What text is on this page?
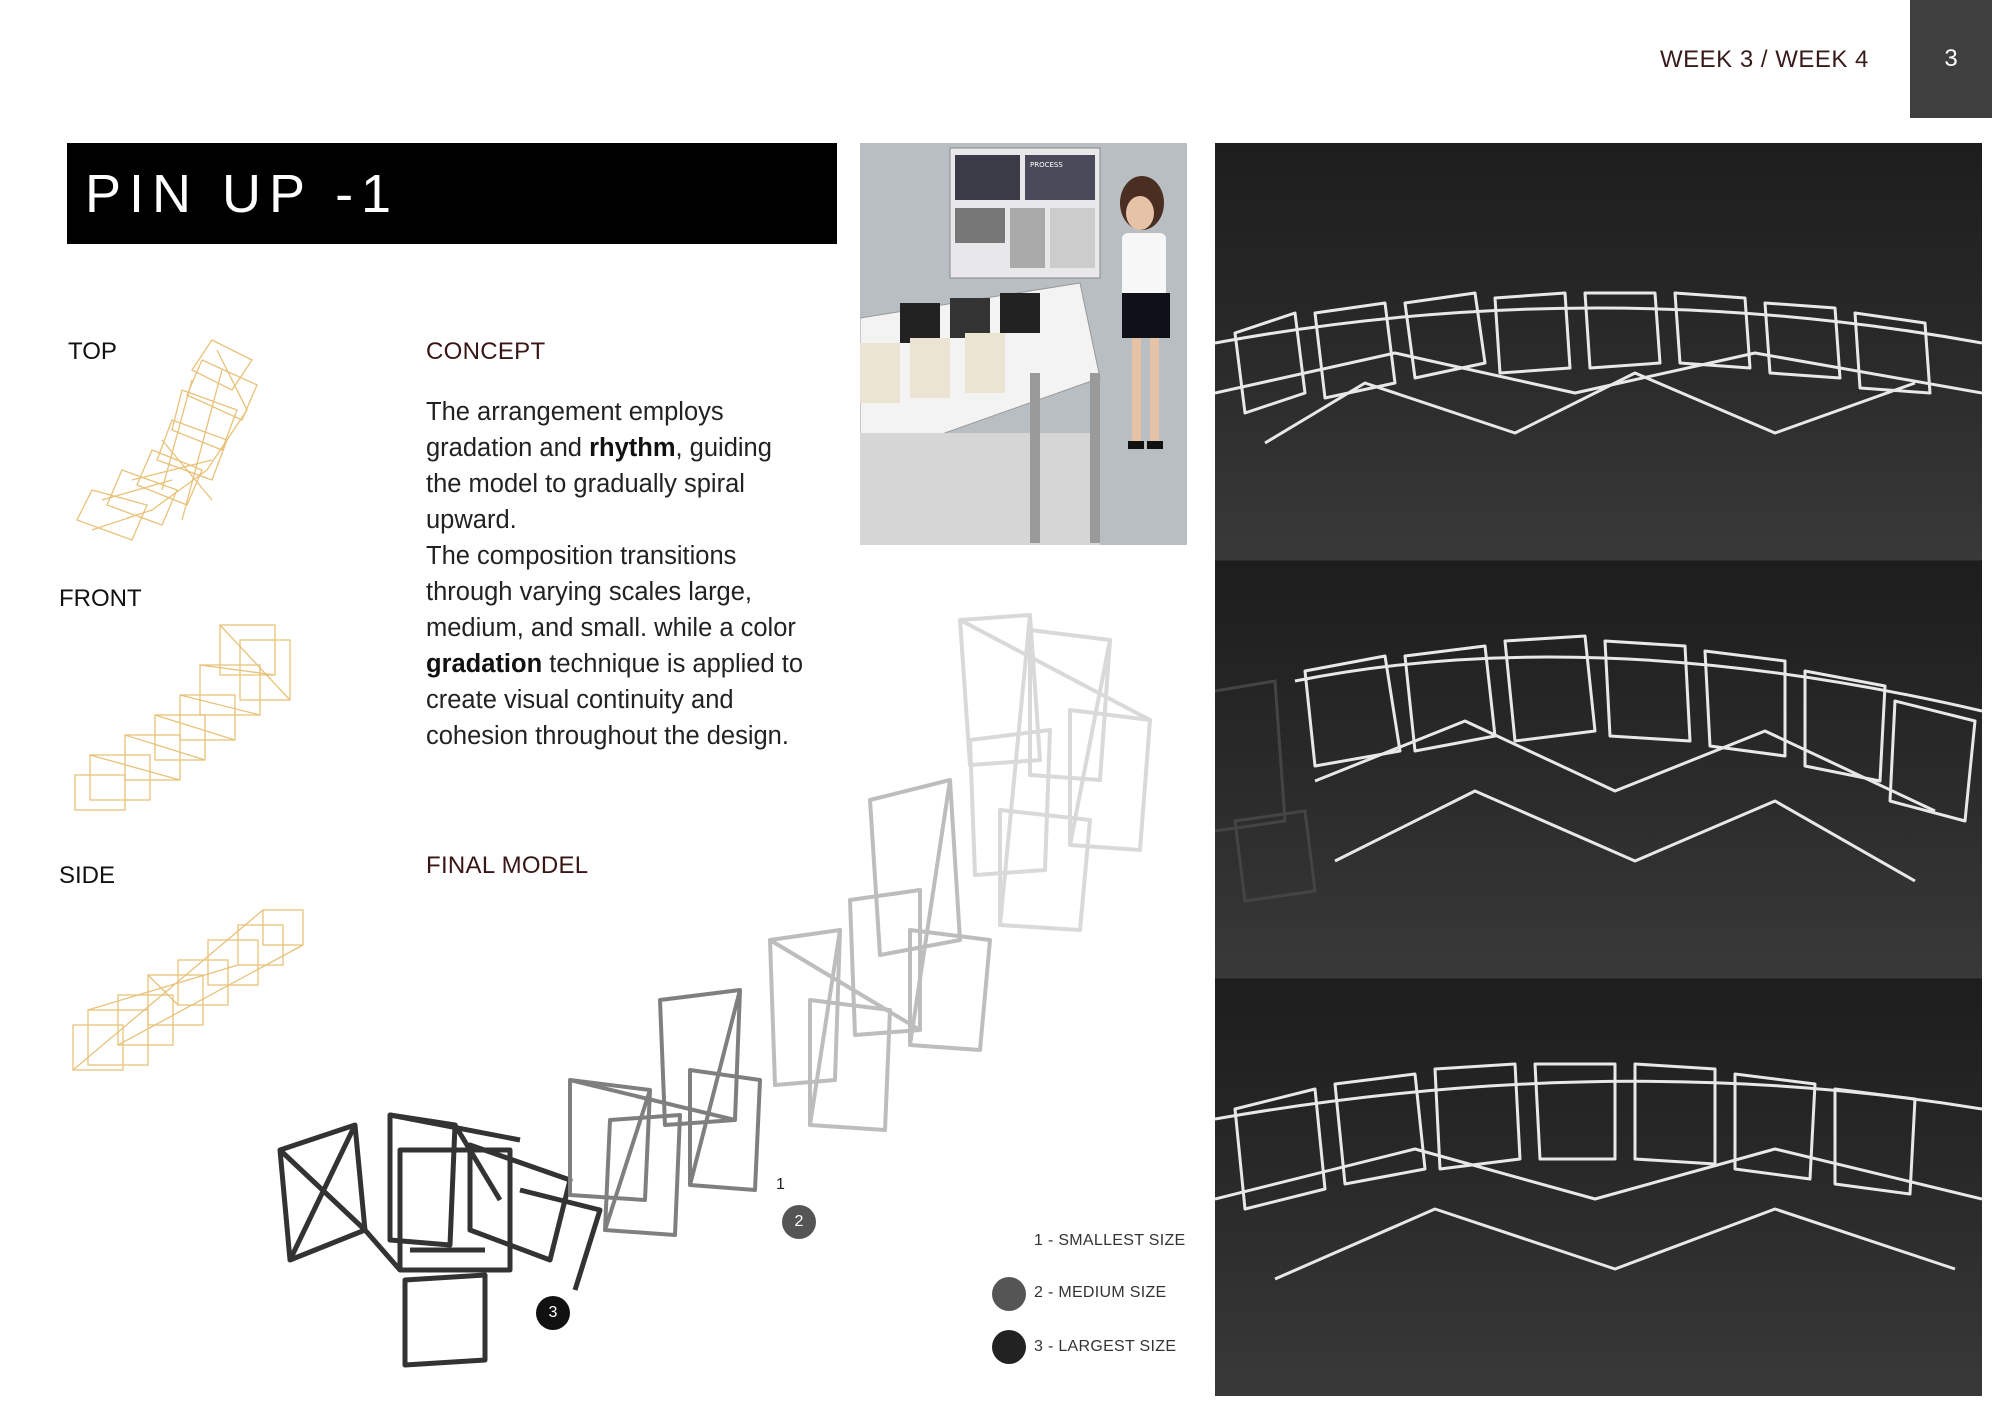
WEEK 3 / WEEK 4	3
PIN UP -1
TOP
FRONT
SIDE
CONCEPT
The arrangement employs gradation and rhythm, guiding the model to gradually spiral upward.
The composition transitions through varying scales large, medium, and small. while a color gradation technique is applied to create visual continuity and cohesion throughout the design.
FINAL MODEL
PROCESS
1
2
3
1 - SMALLEST SIZE
2 - MEDIUM SIZE
3 - LARGEST SIZE
